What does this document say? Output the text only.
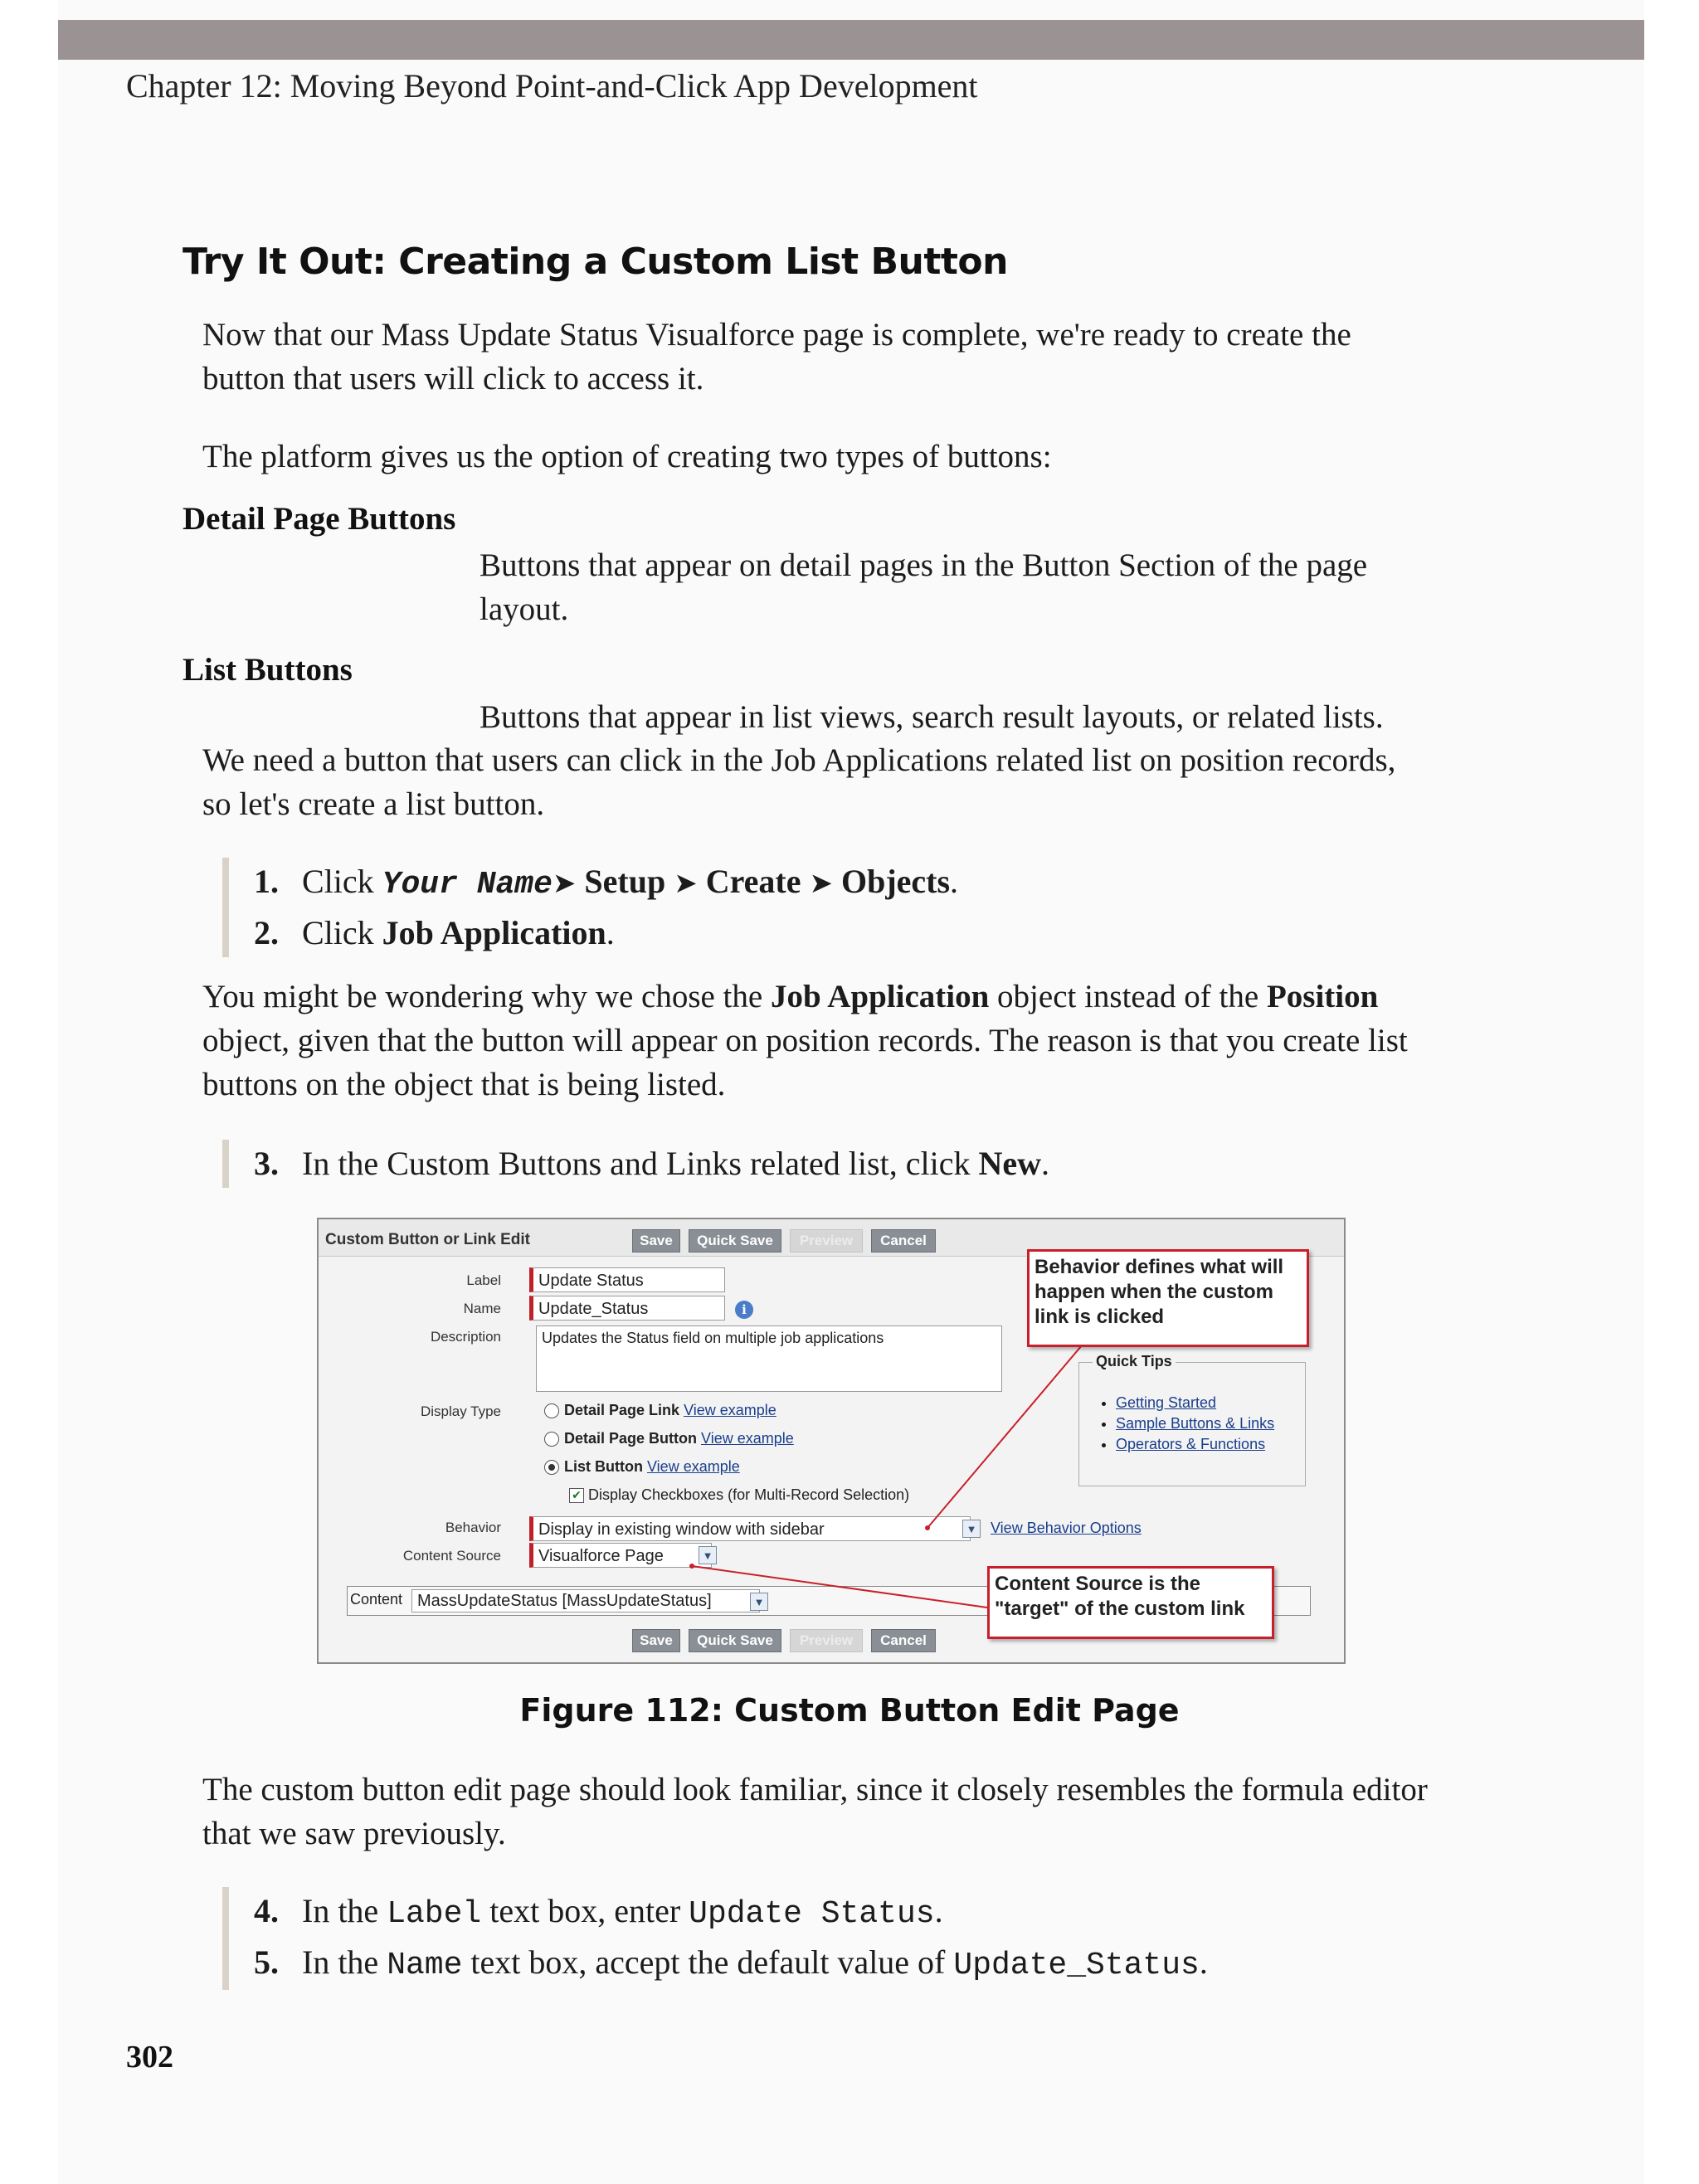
Chapter 12: Moving Beyond Point-and-Click App Development
Try It Out: Creating a Custom List Button
Now that our Mass Update Status Visualforce page is complete, we're ready to create the
button that users will click to access it.
The platform gives us the option of creating two types of buttons:
Detail Page Buttons
Buttons that appear on detail pages in the Button Section of the page
layout.
List Buttons
Buttons that appear in list views, search result layouts, or related lists.
We need a button that users can click in the Job Applications related list on position records,
so let's create a list button.
1. Click Your Name➤ Setup ➤ Create ➤ Objects.
2. Click Job Application.
You might be wondering why we chose the Job Application object instead of the Position
object, given that the button will appear on position records. The reason is that you create list
buttons on the object that is being listed.
3. In the Custom Buttons and Links related list, click New.
Custom Button or Link Edit	Save	Quick Save	Preview	Cancel
Label	Update Status
Name	Update_Status	i
Description	Updates the Status field on multiple job applications
Display Type	Detail Page Link View example
Detail Page Button View example
List Button View example
✔ Display Checkboxes (for Multi-Record Selection)
Behavior	Display in existing window with sidebar	▼ View Behavior Options
Content Source	Visualforce Page	▼
Content MassUpdateStatus [MassUpdateStatus]	▼
Save	Quick Save	Preview	Cancel
Quick Tips
• Getting Started
• Sample Buttons & Links
• Operators & Functions
Behavior defines what will happen when the custom link is clicked
Content Source is the "target" of the custom link
Figure 112: Custom Button Edit Page
The custom button edit page should look familiar, since it closely resembles the formula editor
that we saw previously.
4. In the Label text box, enter Update Status.
5. In the Name text box, accept the default value of Update_Status.
302
